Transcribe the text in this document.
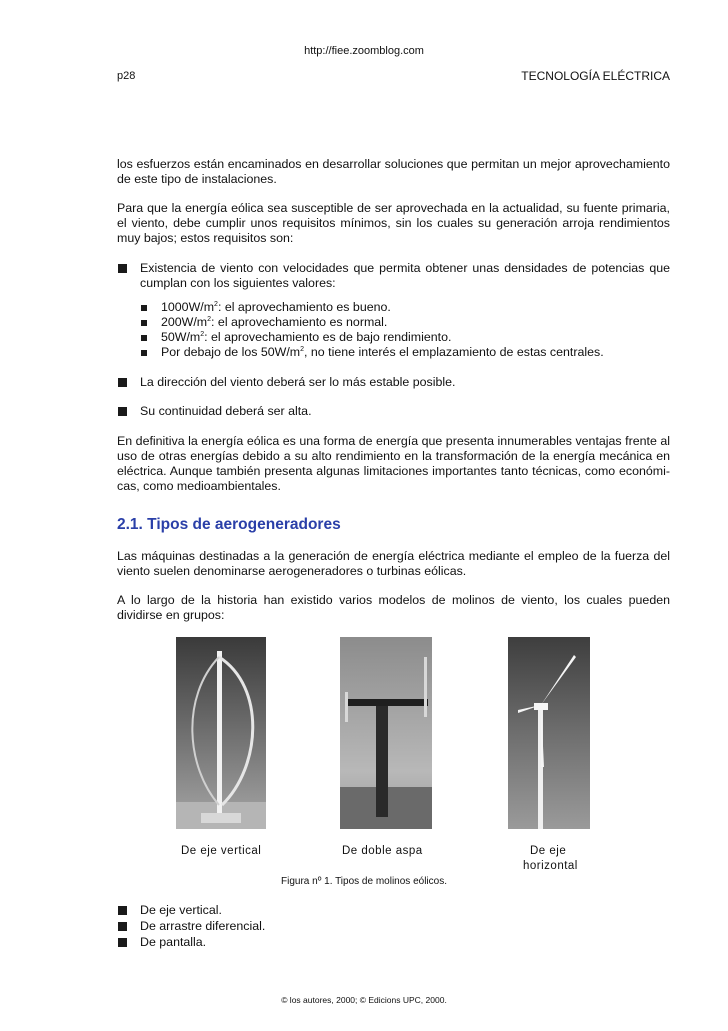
http://fiee.zoomblog.com
p28	TECNOLOGÍA ELÉCTRICA
los esfuerzos están encaminados en desarrollar soluciones que permitan un mejor aprovechamiento de este tipo de instalaciones.
Para que la energía eólica sea susceptible de ser aprovechada en la actualidad, su fuente primaria, el viento, debe cumplir unos requisitos mínimos, sin los cuales su generación arroja rendimientos muy bajos; estos requisitos son:
Existencia de viento con velocidades que permita obtener unas densidades de potencias que cumplan con los siguientes valores:
$1000W/m^2$: el aprovechamiento es bueno.
$200W/m^2$: el aprovechamiento es normal.
$50W/m^2$: el aprovechamiento es de bajo rendimiento.
Por debajo de los $50W/m^2$, no tiene interés el emplazamiento de estas centrales.
La dirección del viento deberá ser lo más estable posible.
Su continuidad deberá ser alta.
En definitiva la energía eólica es una forma de energía que presenta innumerables ventajas frente al uso de otras energías debido a su alto rendimiento en la transformación de la energía mecánica en eléctrica. Aunque también presenta algunas limitaciones importantes tanto técnicas, como económi-cas, como medioambientales.
2.1. Tipos de aerogeneradores
Las máquinas destinadas a la generación de energía eléctrica mediante el empleo de la fuerza del viento suelen denominarse aerogeneradores o turbinas eólicas.
A lo largo de la historia han existido varios modelos de molinos de viento, los cuales pueden dividirse en grupos:
De eje vertical	De doble aspa	De eje
horizontal
Figura nº 1. Tipos de molinos eólicos.
De eje vertical.
De arrastre diferencial.
De pantalla.
© los autores, 2000; © Edicions UPC, 2000.
